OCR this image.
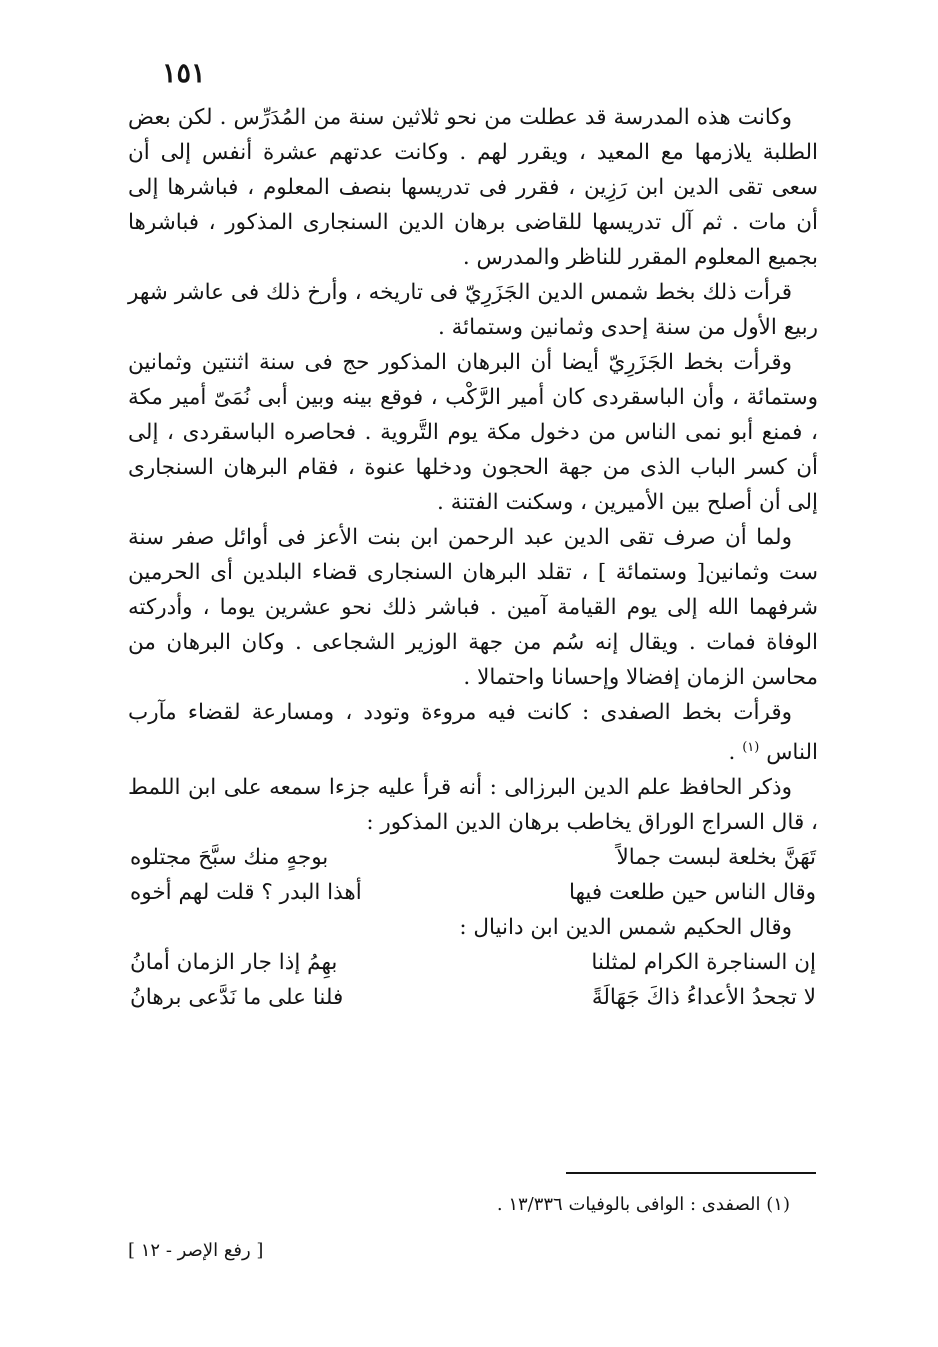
١٥١

وكانت هذه المدرسة قد عطلت من نحو ثلاثين سنة من المُدَرِّس . لكن بعض الطلبة يلازمها مع المعيد ، ويقرر لهم . وكانت عدتهم عشرة أنفس إلى أن سعى تقى الدين ابن رَزِين ، فقرر فى تدريسها بنصف المعلوم ، فباشرها إلى أن مات . ثم آل تدريسها للقاضى برهان الدين السنجارى المذكور ، فباشرها بجميع المعلوم المقرر للناظر والمدرس .

قرأت ذلك بخط شمس الدين الجَزَرِيّ فى تاريخه ، وأرخ ذلك فى عاشر شهر ربيع الأول من سنة إحدى وثمانين وستمائة .

وقرأت بخط الجَزَرِيّ أيضا أن البرهان المذكور حج فى سنة اثنتين وثمانين وستمائة ، وأن الباسقردى كان أمير الرَّكْب ، فوقع بينه وبين أبى نُمَىّ أمير مكة ، فمنع أبو نمى الناس من دخول مكة يوم التَّروية . فحاصره الباسقردى ، إلى أن كسر الباب الذى من جهة الحجون ودخلها عنوة ، فقام البرهان السنجارى إلى أن أصلح بين الأميرين ، وسكنت الفتنة .

ولما أن صرف تقى الدين عبد الرحمن ابن بنت الأعز فى أوائل صفر سنة ست وثمانين[ وستمائة ] ، تقلد البرهان السنجارى قضاء البلدين أى الحرمين شرفهما الله إلى يوم القيامة آمين . فباشر ذلك نحو عشرين يوما ، وأدركته الوفاة فمات . ويقال إنه سُم من جهة الوزير الشجاعى . وكان البرهان من محاسن الزمان إفضالا وإحسانا واحتمالا .

وقرأت بخط الصفدى : كانت فيه مروءة وتودد ، ومسارعة لقضاء مآرب الناس $^{(١)}$ .

وذكر الحافظ علم الدين البرزالى : أنه قرأ عليه جزءا سمعه على ابن اللمط ، قال السراج الوراق يخاطب برهان الدين المذكور :

تَهَنَّ بخلعة لبست جمالاً
بوجهٍ منك سبَّحَ مجتلوه
وقال الناس حين طلعت فيها
أهذا البدر ؟ قلت لهم أخوه

وقال الحكيم شمس الدين ابن دانيال :

إن السناجرة الكرام لمثلنا
بهِمُ إذا جار الزمان أمانُ
لا تجحدُ الأعداءُ ذاكَ جَهَالَةً
فلنا على ما نَدَّعى برهانُ
(١) الصفدى : الوافى بالوفيات ١٣/٣٣٦ .
[ رفع الإصر - ١٢ ]
